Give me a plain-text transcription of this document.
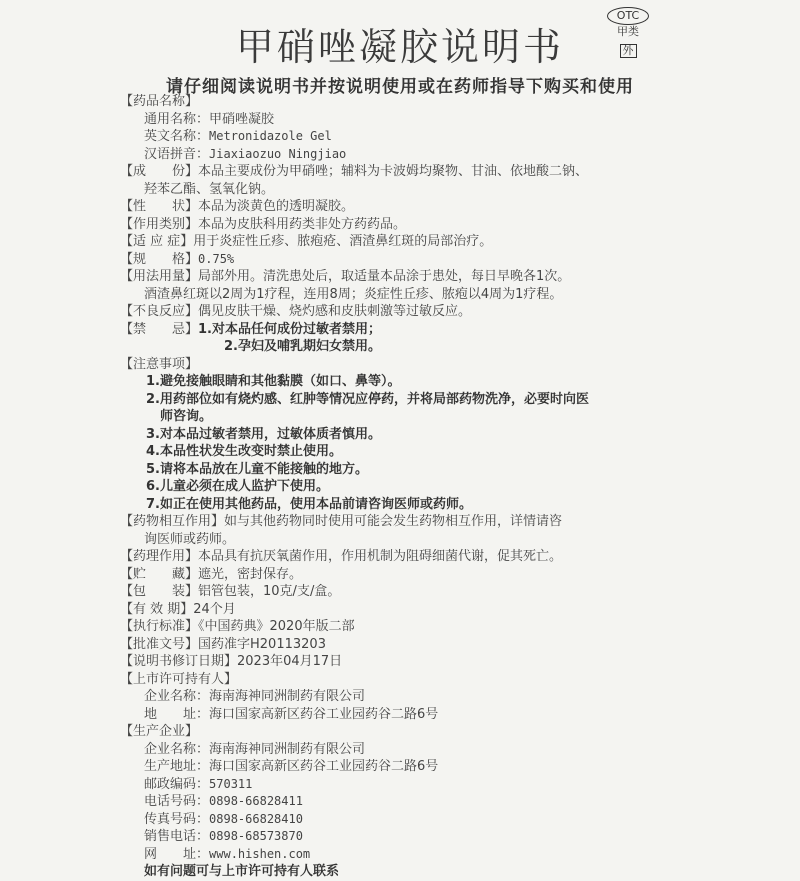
甲硝唑凝胶说明书
OTC
甲类
外
请仔细阅读说明书并按说明使用或在药师指导下购买和使用
【药品名称】
通用名称：甲硝唑凝胶
英文名称：Metronidazole Gel
汉语拼音：Jiaxiaozuo Ningjiao
【成　　份】本品主要成份为甲硝唑；辅料为卡波姆均聚物、甘油、依地酸二钠、
羟苯乙酯、氢氧化钠。
【性　　状】本品为淡黄色的透明凝胶。
【作用类别】本品为皮肤科用药类非处方药药品。
【适 应 症】用于炎症性丘疹、脓疱疮、酒渣鼻红斑的局部治疗。
【规　　格】0.75%
【用法用量】局部外用。清洗患处后，取适量本品涂于患处，每日早晚各1次。
酒渣鼻红斑以2周为1疗程，连用8周；炎症性丘疹、脓疱以4周为1疗程。
【不良反应】偶见皮肤干燥、烧灼感和皮肤刺激等过敏反应。
【禁　　忌】1.对本品任何成份过敏者禁用；
2.孕妇及哺乳期妇女禁用。
【注意事项】
1.避免接触眼睛和其他黏膜（如口、鼻等）。
2.用药部位如有烧灼感、红肿等情况应停药，并将局部药物洗净，必要时向医
师咨询。
3.对本品过敏者禁用，过敏体质者慎用。
4.本品性状发生改变时禁止使用。
5.请将本品放在儿童不能接触的地方。
6.儿童必须在成人监护下使用。
7.如正在使用其他药品，使用本品前请咨询医师或药师。
【药物相互作用】如与其他药物同时使用可能会发生药物相互作用，详情请咨
询医师或药师。
【药理作用】本品具有抗厌氧菌作用，作用机制为阻碍细菌代谢，促其死亡。
【贮　　藏】遮光，密封保存。
【包　　装】铝管包装，10克/支/盒。
【有 效 期】24个月
【执行标准】《中国药典》2020年版二部
【批准文号】国药准字H20113203
【说明书修订日期】2023年04月17日
【上市许可持有人】
企业名称：海南海神同洲制药有限公司
地　　址：海口国家高新区药谷工业园药谷二路6号
【生产企业】
企业名称：海南海神同洲制药有限公司
生产地址：海口国家高新区药谷工业园药谷二路6号
邮政编码：570311
电话号码：0898-66828411
传真号码：0898-66828410
销售电话：0898-68573870
网　　址：www.hishen.com
如有问题可与上市许可持有人联系
